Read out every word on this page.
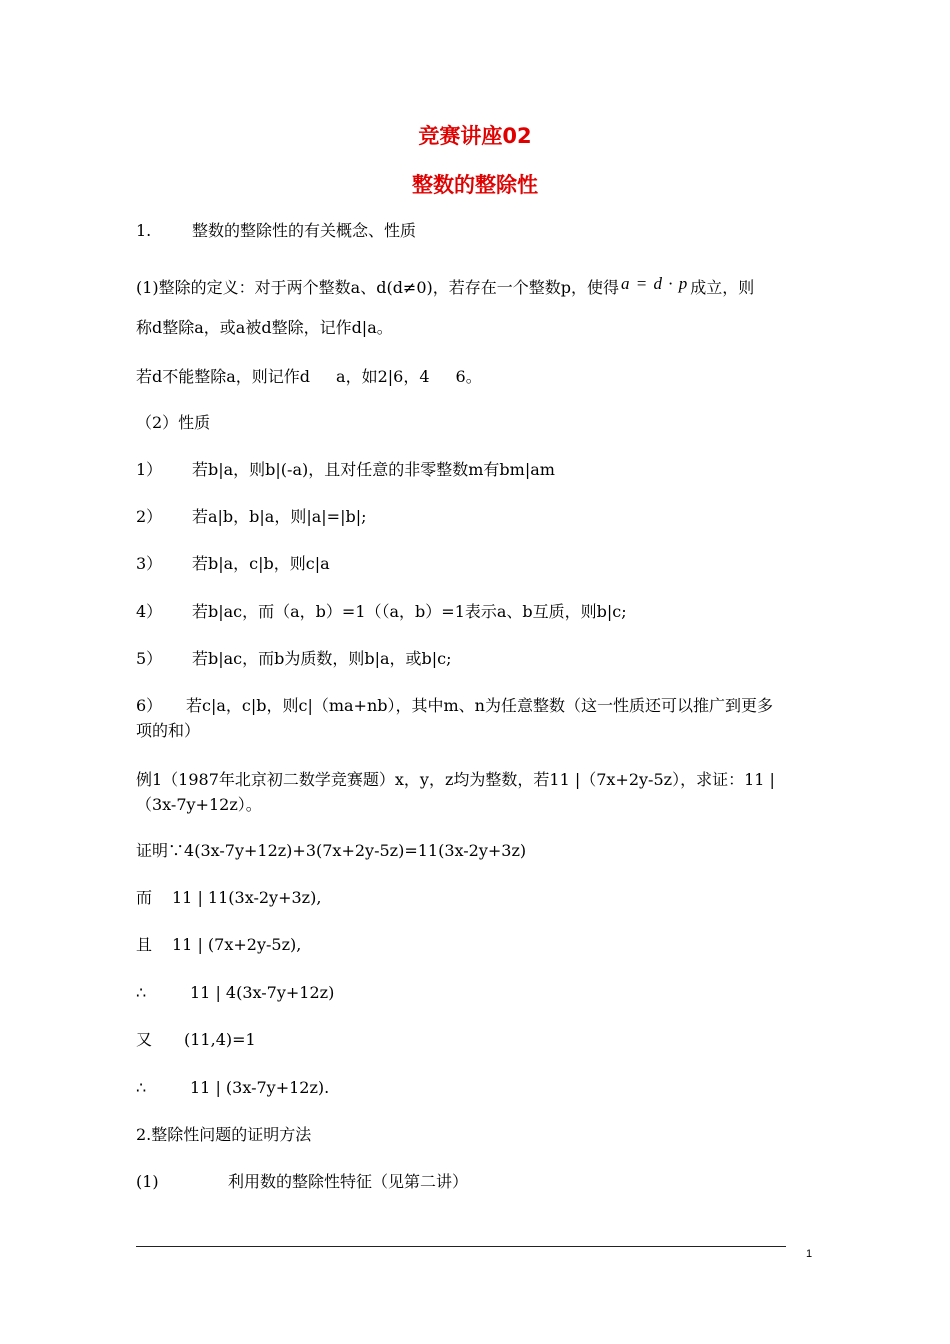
竞赛讲座02
整数的整除性

1.	整数的整除性的有关概念、性质

(1)整除的定义：对于两个整数a、d(d≠0)，若存在一个整数p，使得 a = d · p 成立，则

称d整除a，或a被d整除，记作d|a。

若d不能整除a，则记作d a，如2|6，4 6。

（2）性质

1） 若b|a，则b|(-a)，且对任意的非零整数m有bm|am

2） 若a|b，b|a，则|a|=|b|;

3） 若b|a，c|b，则c|a

4） 若b|ac，而（a，b）=1（（a，b）=1表示a、b互质，则b|c;

5） 若b|ac，而b为质数，则b|a，或b|c;

6） 若c|a，c|b，则c|（ma+nb），其中m、n为任意整数（这一性质还可以推广到更多

项的和）

例1（1987年北京初二数学竞赛题）x，y，z均为整数，若11 |（7x+2y-5z），求证：11 |

（3x-7y+12z）。

证明∵4(3x-7y+12z)+3(7x+2y-5z)=11(3x-2y+3z)

而 11 | 11(3x-2y+3z),

且 11 | (7x+2y-5z),

∴	11 | 4(3x-7y+12z)

又 (11,4)=1

∴	11 | (3x-7y+12z).

2.整除性问题的证明方法

(1)	利用数的整除性特征（见第二讲）

1
